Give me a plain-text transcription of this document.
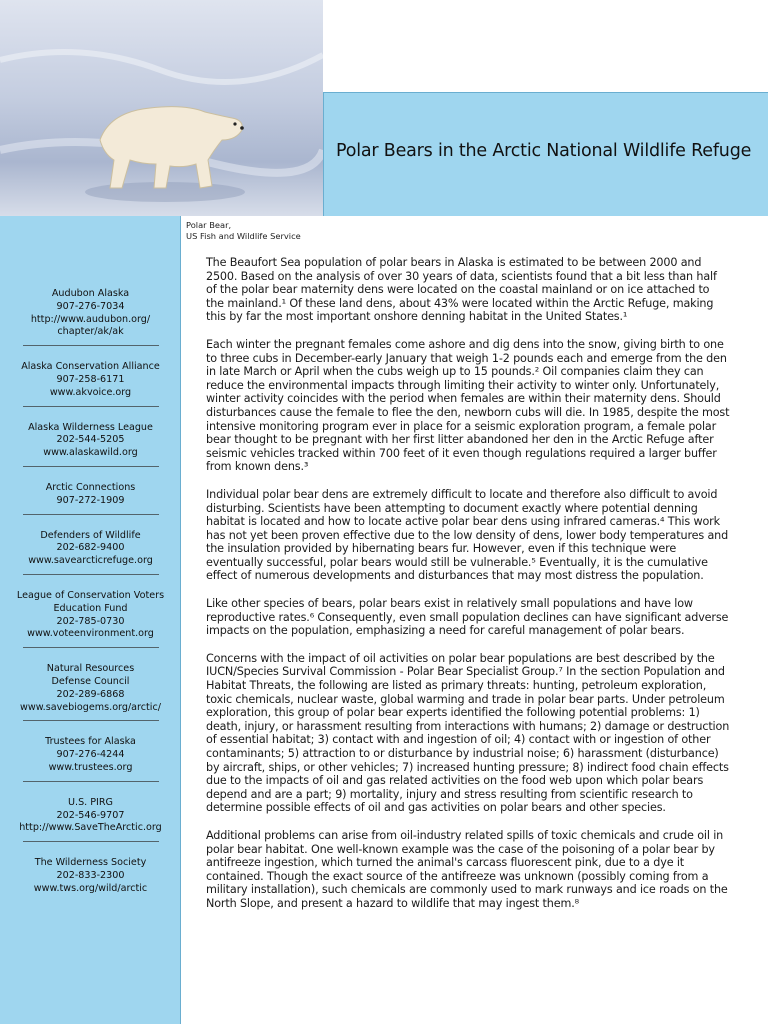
Polar Bears in the Arctic National Wildlife Refuge
Polar Bear,
US Fish and Wildlife Service
Audubon Alaska
907-276-7034
http://www.audubon.org/
chapter/ak/ak
Alaska Conservation Alliance
907-258-6171
www.akvoice.org
Alaska Wilderness League
202-544-5205
www.alaskawild.org
Arctic Connections
907-272-1909
Defenders of Wildlife
202-682-9400
www.savearcticrefuge.org
League of Conservation Voters
Education Fund
202-785-0730
www.voteenvironment.org
Natural Resources
Defense Council
202-289-6868
www.savebiogems.org/arctic/
Trustees for Alaska
907-276-4244
www.trustees.org
U.S. PIRG
202-546-9707
http://www.SaveTheArctic.org
The Wilderness Society
202-833-2300
www.tws.org/wild/arctic

The Beaufort Sea population of polar bears in Alaska is estimated to be between 2000 and 2500. Based on the analysis of over 30 years of data, scientists found that a bit less than half of the polar bear maternity dens were located on the coastal mainland or on ice attached to the mainland.¹ Of these land dens, about 43% were located within the Arctic Refuge, making this by far the most important onshore denning habitat in the United States.¹

Each winter the pregnant females come ashore and dig dens into the snow, giving birth to one to three cubs in December-early January that weigh 1-2 pounds each and emerge from the den in late March or April when the cubs weigh up to 15 pounds.² Oil companies claim they can reduce the environmental impacts through limiting their activity to winter only. Unfortunately, winter activity coincides with the period when females are within their maternity dens. Should disturbances cause the female to flee the den, newborn cubs will die. In 1985, despite the most intensive monitoring program ever in place for a seismic exploration program, a female polar bear thought to be pregnant with her first litter abandoned her den in the Arctic Refuge after seismic vehicles tracked within 700 feet of it even though regulations required a larger buffer from known dens.³

Individual polar bear dens are extremely difficult to locate and therefore also difficult to avoid disturbing. Scientists have been attempting to document exactly where potential denning habitat is located and how to locate active polar bear dens using infrared cameras.⁴ This work has not yet been proven effective due to the low density of dens, lower body temperatures and the insulation provided by hibernating bears fur. However, even if this technique were eventually successful, polar bears would still be vulnerable.⁵ Eventually, it is the cumulative effect of numerous developments and disturbances that may most distress the population.

Like other species of bears, polar bears exist in relatively small populations and have low reproductive rates.⁶ Consequently, even small population declines can have significant adverse impacts on the population, emphasizing a need for careful management of polar bears.

Concerns with the impact of oil activities on polar bear populations are best described by the IUCN/Species Survival Commission - Polar Bear Specialist Group.⁷ In the section Population and Habitat Threats, the following are listed as primary threats: hunting, petroleum exploration, toxic chemicals, nuclear waste, global warming and trade in polar bear parts. Under petroleum exploration, this group of polar bear experts identified the following potential problems: 1) death, injury, or harassment resulting from interactions with humans; 2) damage or destruction of essential habitat; 3) contact with and ingestion of oil; 4) contact with or ingestion of other contaminants; 5) attraction to or disturbance by industrial noise; 6) harassment (disturbance) by aircraft, ships, or other vehicles; 7) increased hunting pressure; 8) indirect food chain effects due to the impacts of oil and gas related activities on the food web upon which polar bears depend and are a part; 9) mortality, injury and stress resulting from scientific research to determine possible effects of oil and gas activities on polar bears and other species.

Additional problems can arise from oil-industry related spills of toxic chemicals and crude oil in polar bear habitat. One well-known example was the case of the poisoning of a polar bear by antifreeze ingestion, which turned the animal's carcass fluorescent pink, due to a dye it contained. Though the exact source of the antifreeze was unknown (possibly coming from a military installation), such chemicals are commonly used to mark runways and ice roads on the North Slope, and present a hazard to wildlife that may ingest them.⁸
